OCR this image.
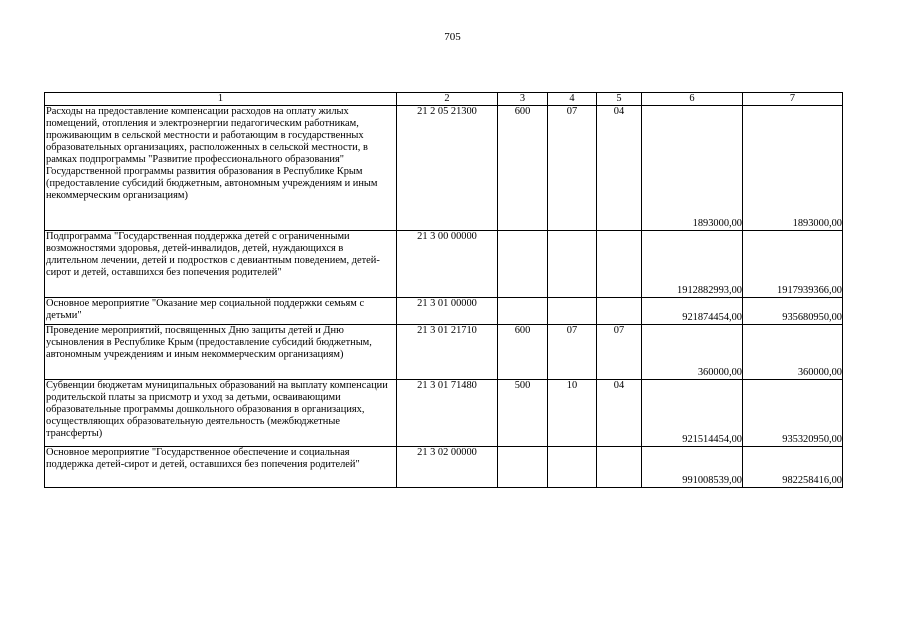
705
1	2	3	4	5	6	7
Расходы на предоставление компенсации расходов на оплату жилых помещений, отопления и электроэнергии педагогическим работникам, проживающим в сельской местности и работающим в государственных образовательных организациях, расположенных в сельской местности, в рамках подпрограммы "Развитие профессионального образования" Государственной программы развития образования в Республике Крым (предоставление субсидий бюджетным, автономным учреждениям и иным некоммерческим организациям)	21 2 05 21300	600	07	04	1893000,00	1893000,00
Подпрограмма "Государственная поддержка детей с ограниченными возможностями здоровья, детей-инвалидов, детей, нуждающихся в длительном лечении, детей и подростков с девиантным поведением, детей-сирот и детей, оставшихся без попечения родителей"	21 3 00 00000				1912882993,00	1917939366,00
Основное мероприятие "Оказание мер социальной поддержки семьям с детьми"	21 3 01 00000				921874454,00	935680950,00
Проведение мероприятий, посвященных Дню защиты детей и Дню усыновления в Республике Крым (предоставление субсидий бюджетным, автономным учреждениям и иным некоммерческим организациям)	21 3 01 21710	600	07	07	360000,00	360000,00
Субвенции бюджетам муниципальных образований на выплату компенсации родительской платы за присмотр и уход за детьми, осваивающими образовательные программы дошкольного образования в организациях, осуществляющих образовательную деятельность (межбюджетные трансферты)	21 3 01 71480	500	10	04	921514454,00	935320950,00
Основное мероприятие "Государственное обеспечение и социальная поддержка детей-сирот и детей, оставшихся без попечения родителей"	21 3 02 00000				991008539,00	982258416,00
